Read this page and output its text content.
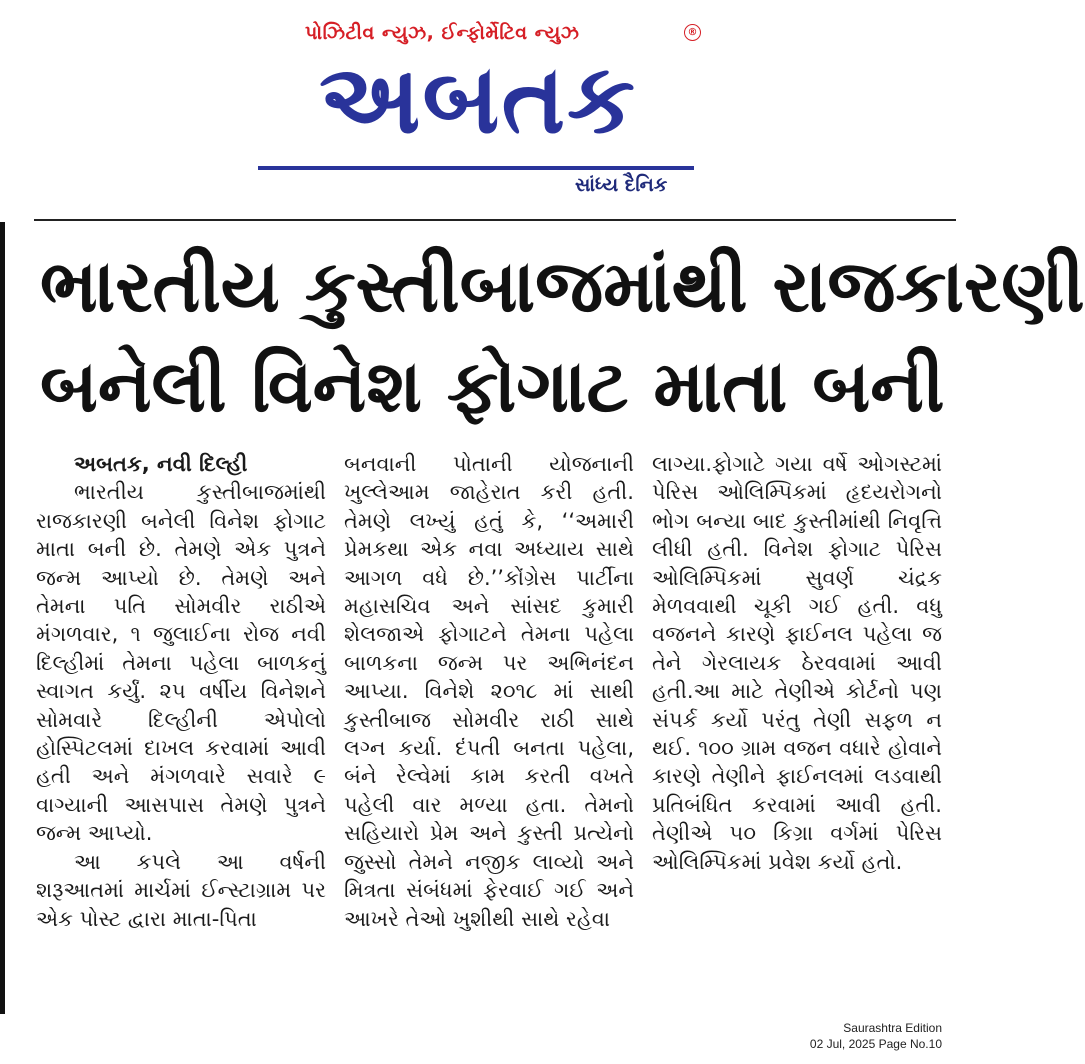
પોઝિટીવ ન્યુઝ, ઈન્ફોર્મેટિવ ન્યુઝ	®
અબતક
સાંધ્ય દૈનિક
ભારતીય કુસ્તીબાજમાંથી રાજકારણી
બનેલી વિનેશ ફોગાટ માતા બની
અબતક, નવી દિલ્હી

ભારતીય કુસ્તીબાજમાંથી રાજકારણી બનેલી વિનેશ ફોગાટ માતા બની છે. તેમણે એક પુત્રને જન્મ આપ્યો છે. તેમણે અને તેમના પતિ સોમવીર રાઠીએ મંગળવાર, ૧ જુલાઈના રોજ નવી દિલ્હીમાં તેમના પહેલા બાળકનું સ્વાગત કર્યું. ૨૫ વર્ષીય વિનેશને સોમવારે દિલ્હીની એપોલો હોસ્પિટલમાં દાખલ કરવામાં આવી હતી અને મંગળવારે સવારે ૯ વાગ્યાની આસપાસ તેમણે પુત્રને જન્મ આપ્યો.

આ કપલે આ વર્ષની શરૂઆતમાં માર્ચમાં ઈન્સ્ટાગ્રામ પર એક પોસ્ટ દ્વારા માતા-પિતા

બનવાની પોતાની યોજનાની ખુલ્લેઆમ જાહેરાત કરી હતી. તેમણે લખ્યું હતું કે, ‘‘અમારી પ્રેમકથા એક નવા અધ્યાય સાથે આગળ વધે છે.’’કોંગ્રેસ પાર્ટીના મહાસચિવ અને સાંસદ કુમારી શેલજાએ ફોગાટને તેમના પહેલા બાળકના જન્મ પર અભિનંદન આપ્યા. વિનેશે ૨૦૧૮ માં સાથી કુસ્તીબાજ સોમવીર રાઠી સાથે લગ્ન કર્યા. દંપતી બનતા પહેલા, બંને રેલ્વેમાં કામ કરતી વખતે પહેલી વાર મળ્યા હતા. તેમનો સહિયારો પ્રેમ અને કુસ્તી પ્રત્યેનો જુસ્સો તેમને નજીક લાવ્યો અને મિત્રતા સંબંધમાં ફેરવાઈ ગઈ અને આખરે તેઓ ખુશીથી સાથે રહેવા

લાગ્યા.ફોગાટે ગયા વર્ષે ઓગસ્ટમાં પેરિસ ઓલિમ્પિકમાં હૃદયરોગનો ભોગ બન્યા બાદ કુસ્તીમાંથી નિવૃત્તિ લીધી હતી. વિનેશ ફોગાટ પેરિસ ઓલિમ્પિકમાં સુવર્ણ ચંદ્રક મેળવવાથી ચૂકી ગઈ હતી. વધુ વજનને કારણે ફાઈનલ પહેલા જ તેને ગેરલાયક ઠેરવવામાં આવી હતી.આ માટે તેણીએ કોર્ટનો પણ સંપર્ક કર્યો પરંતુ તેણી સફળ ન થઈ. ૧૦૦ ગ્રામ વજન વધારે હોવાને કારણે તેણીને ફાઈનલમાં લડવાથી પ્રતિબંધિત કરવામાં આવી હતી. તેણીએ ૫૦ કિગ્રા વર્ગમાં પેરિસ ઓલિમ્પિકમાં પ્રવેશ કર્યો હતો.

Saurashtra Edition
02 Jul, 2025 Page No.10
